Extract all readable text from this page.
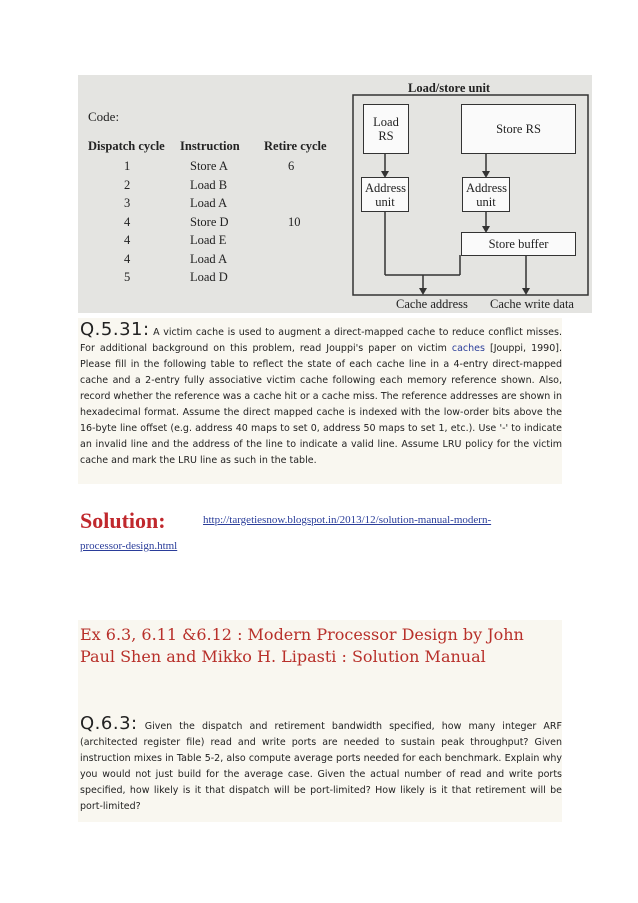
Load/store unit
Code:
Dispatch cycle Instruction Retire cycle
Load RS	Store RS
Address unit
Address unit
Store buffer
Cache address Cache write data
1	Store A	6
2	Load B
3	Load A
4	Store D	10
4	Load E
4	Load A
5	Load D
Q.5.31: A victim cache is used to augment a direct-mapped cache to reduce conflict misses. For additional background on this problem, read Jouppi's paper on victim caches [Jouppi, 1990]. Please fill in the following table to reflect the state of each cache line in a 4-entry direct-mapped cache and a 2-entry fully associative victim cache following each memory reference shown. Also, record whether the reference was a cache hit or a cache miss. The reference addresses are shown in hexadecimal format. Assume the direct mapped cache is indexed with the low-order bits above the 16-byte line offset (e.g. address 40 maps to set 0, address 50 maps to set 1, etc.). Use '-' to indicate an invalid line and the address of the line to indicate a valid line. Assume LRU policy for the victim cache and mark the LRU line as such in the table.
Solution:	http://targetiesnow.blogspot.in/2013/12/solution-manual-modern-
processor-design.html
Ex 6.3, 6.11 &6.12 : Modern Processor Design by John Paul Shen and Mikko H. Lipasti : Solution Manual
Q.6.3: Given the dispatch and retirement bandwidth specified, how many integer ARF (architected register file) read and write ports are needed to sustain peak throughput? Given instruction mixes in Table 5-2, also compute average ports needed for each benchmark. Explain why you would not just build for the average case. Given the actual number of read and write ports specified, how likely is it that dispatch will be port-limited? How likely is it that retirement will be port-limited?
